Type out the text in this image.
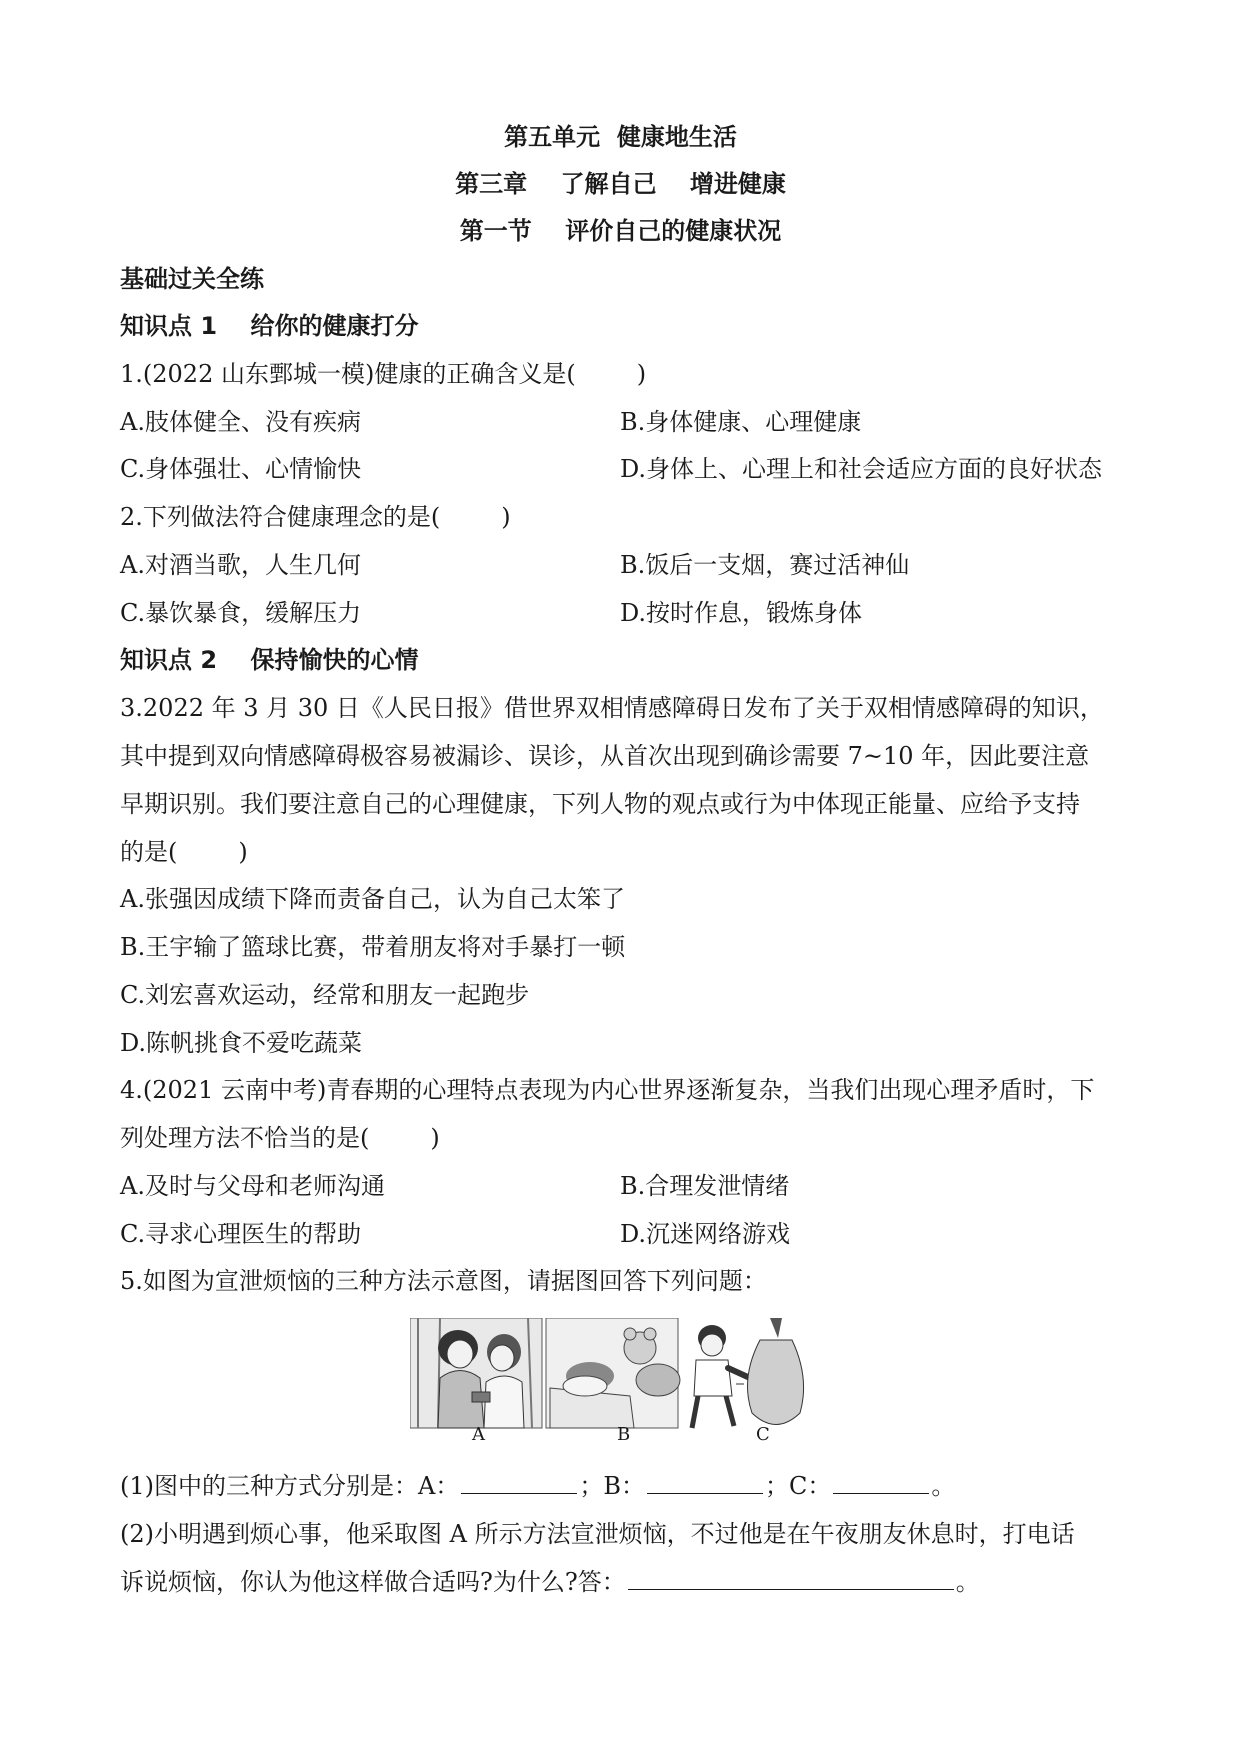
第五单元  健康地生活
第三章    了解自己    增进健康
第一节    评价自己的健康状况
基础过关全练
知识点 1    给你的健康打分
1.(2022 山东鄄城一模)健康的正确含义是(        )
A.肢体健全、没有疾病	B.身体健康、心理健康
C.身体强壮、心情愉快	D.身体上、心理上和社会适应方面的良好状态
2.下列做法符合健康理念的是(        )
A.对酒当歌，人生几何	B.饭后一支烟，赛过活神仙
C.暴饮暴食，缓解压力	D.按时作息，锻炼身体
知识点 2    保持愉快的心情
3.2022 年 3 月 30 日《人民日报》借世界双相情感障碍日发布了关于双相情感障碍的知识，
其中提到双向情感障碍极容易被漏诊、误诊，从首次出现到确诊需要 7~10 年，因此要注意
早期识别。我们要注意自己的心理健康，下列人物的观点或行为中体现正能量、应给予支持
的是(        )
A.张强因成绩下降而责备自己，认为自己太笨了
B.王宇输了篮球比赛，带着朋友将对手暴打一顿
C.刘宏喜欢运动，经常和朋友一起跑步
D.陈帆挑食不爱吃蔬菜
4.(2021 云南中考)青春期的心理特点表现为内心世界逐渐复杂，当我们出现心理矛盾时，下
列处理方法不恰当的是(        )
A.及时与父母和老师沟通	B.合理发泄情绪
C.寻求心理医生的帮助	D.沉迷网络游戏
5.如图为宣泄烦恼的三种方法示意图，请据图回答下列问题：
A	B	C
(1)图中的三种方式分别是：A：	；B：	；C：	。
(2)小明遇到烦心事，他采取图 A 所示方法宣泄烦恼，不过他是在午夜朋友休息时，打电话
诉说烦恼，你认为他这样做合适吗?为什么?答：	。
